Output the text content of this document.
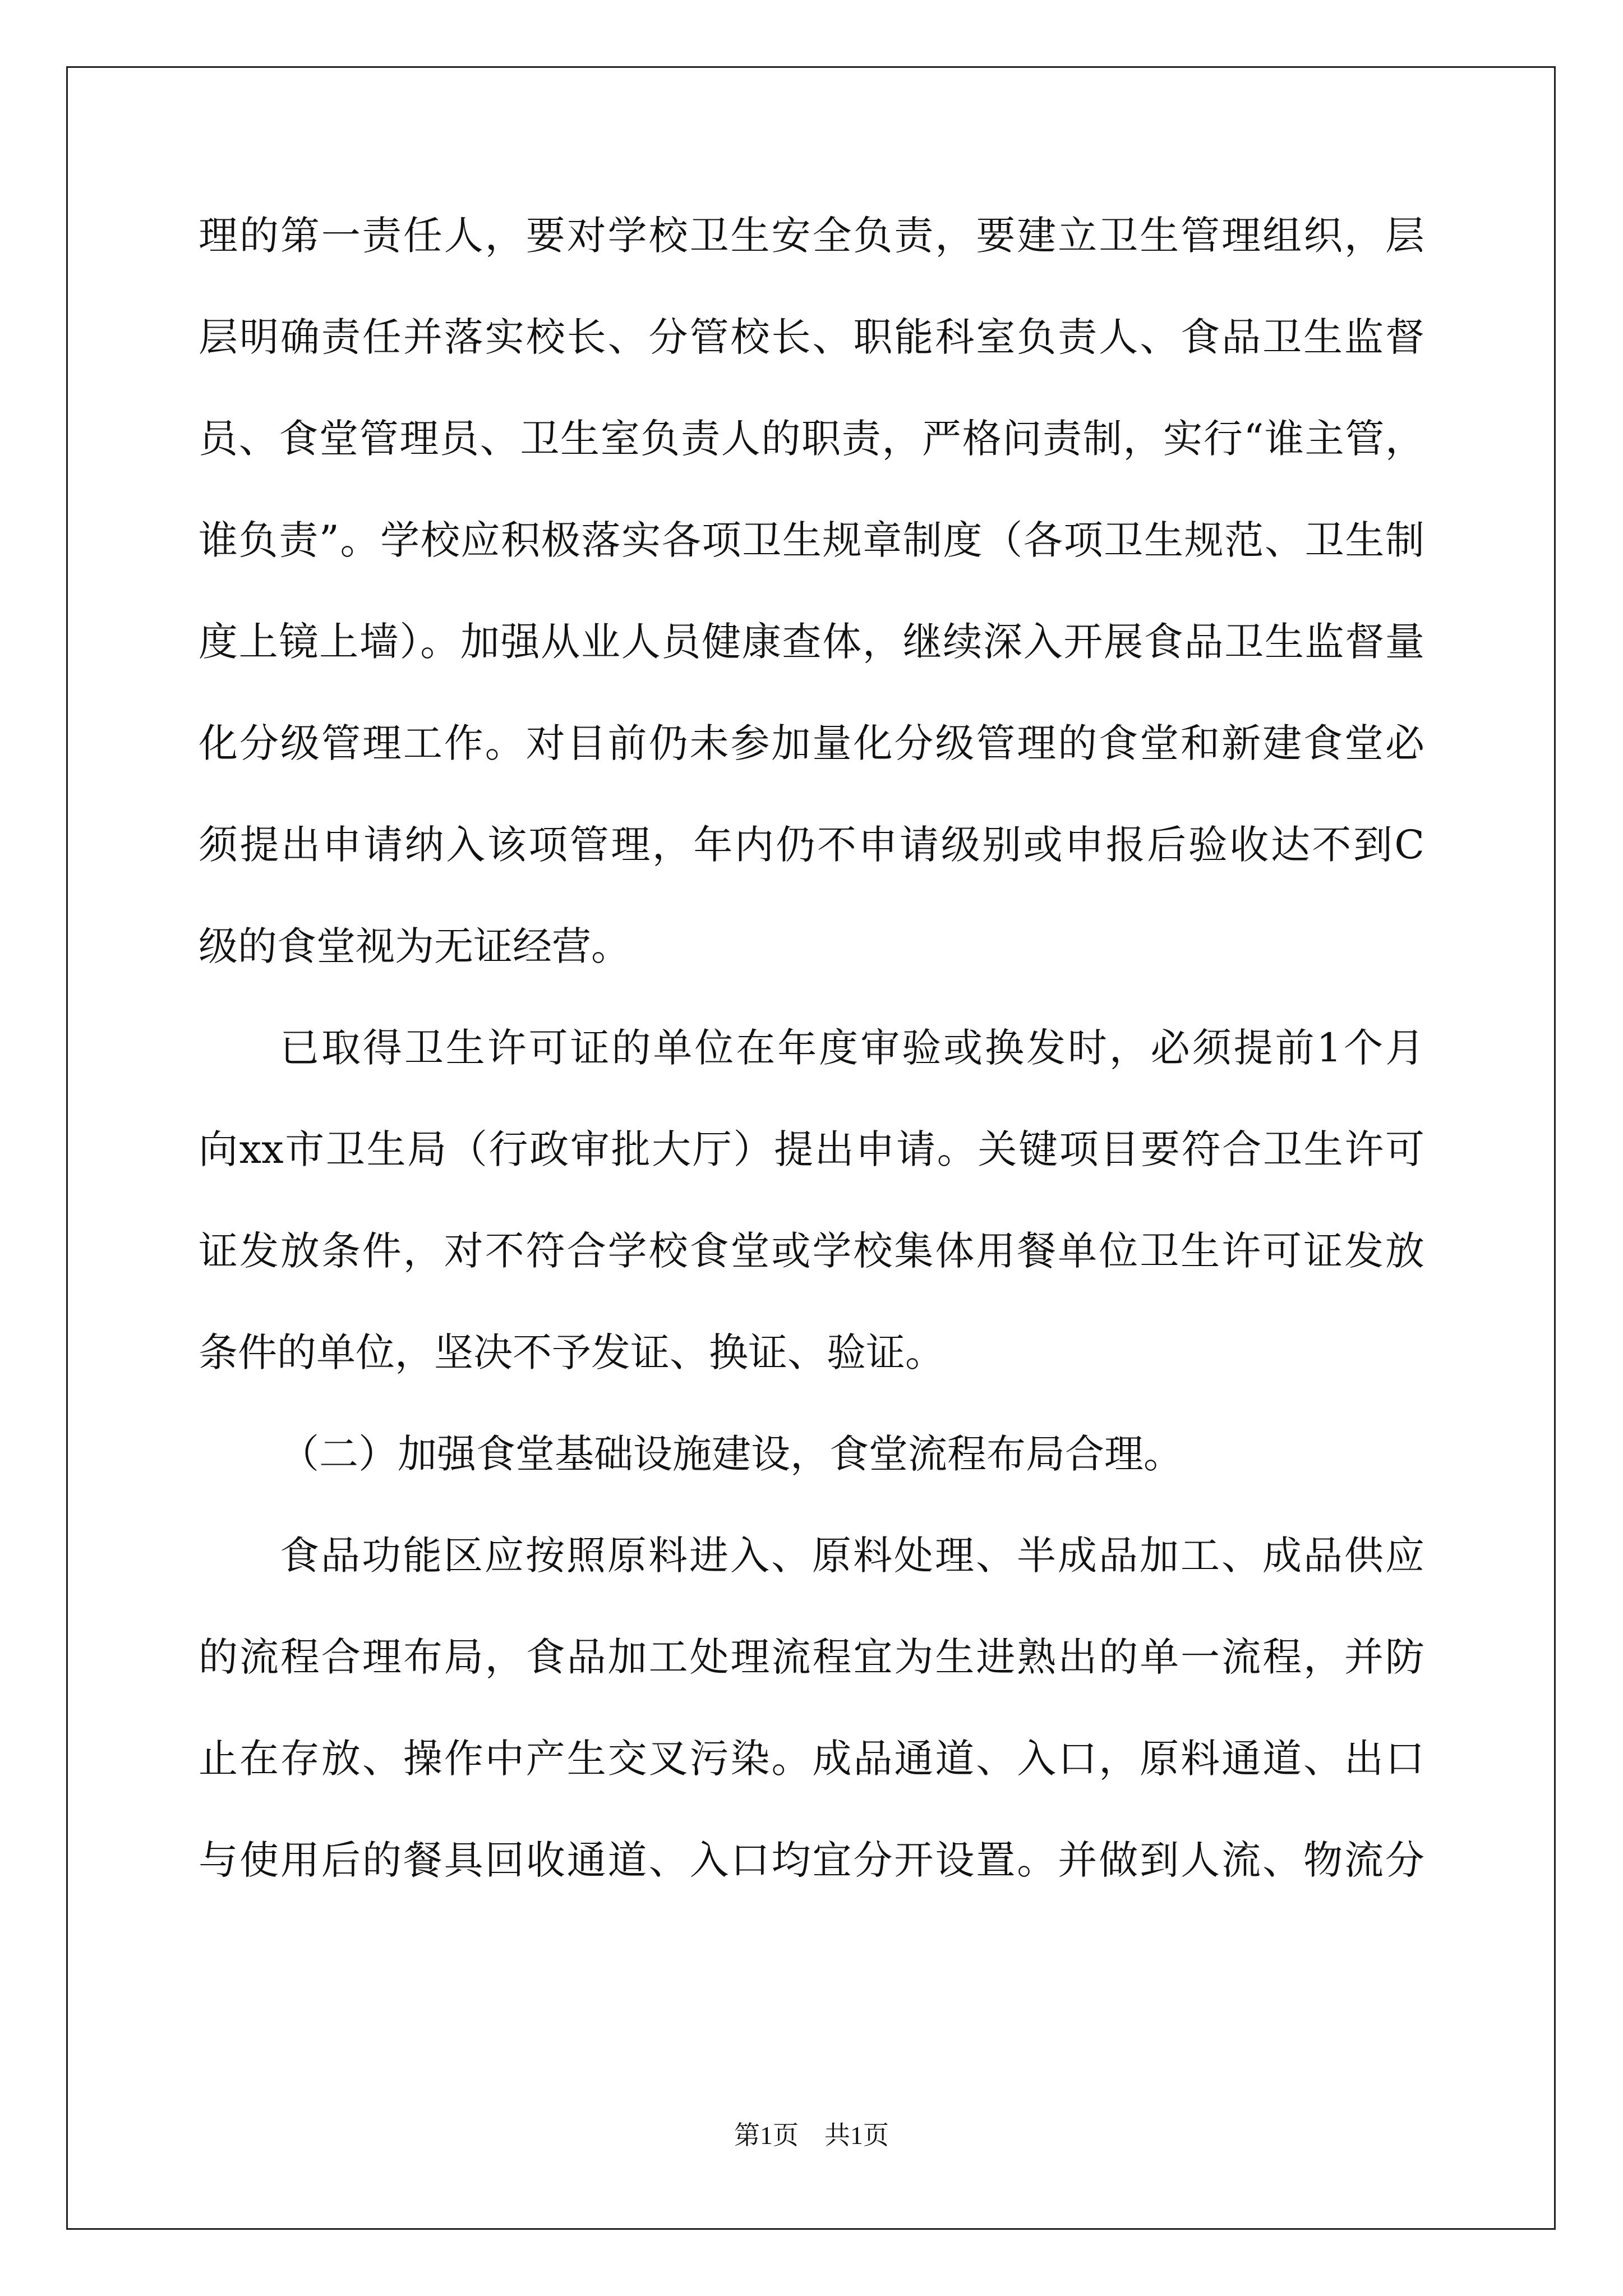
理的第一责任人，要对学校卫生安全负责，要建立卫生管理组织，层
层明确责任并落实校长、分管校长、职能科室负责人、食品卫生监督
员、食堂管理员、卫生室负责人的职责，严格问责制，实行“谁主管，
谁负责”。学校应积极落实各项卫生规章制度（各项卫生规范、卫生制
度上镜上墙）。加强从业人员健康查体，继续深入开展食品卫生监督量
化分级管理工作。对目前仍未参加量化分级管理的食堂和新建食堂必
须提出申请纳入该项管理，年内仍不申请级别或申报后验收达不到C
级的食堂视为无证经营。
已取得卫生许可证的单位在年度审验或换发时，必须提前1个月
向xx市卫生局（行政审批大厅）提出申请。关键项目要符合卫生许可
证发放条件，对不符合学校食堂或学校集体用餐单位卫生许可证发放
条件的单位，坚决不予发证、换证、验证。
（二）加强食堂基础设施建设，食堂流程布局合理。
食品功能区应按照原料进入、原料处理、半成品加工、成品供应
的流程合理布局，食品加工处理流程宜为生进熟出的单一流程，并防
止在存放、操作中产生交叉污染。成品通道、入口，原料通道、出口
与使用后的餐具回收通道、入口均宜分开设置。并做到人流、物流分
第1页　共1页
